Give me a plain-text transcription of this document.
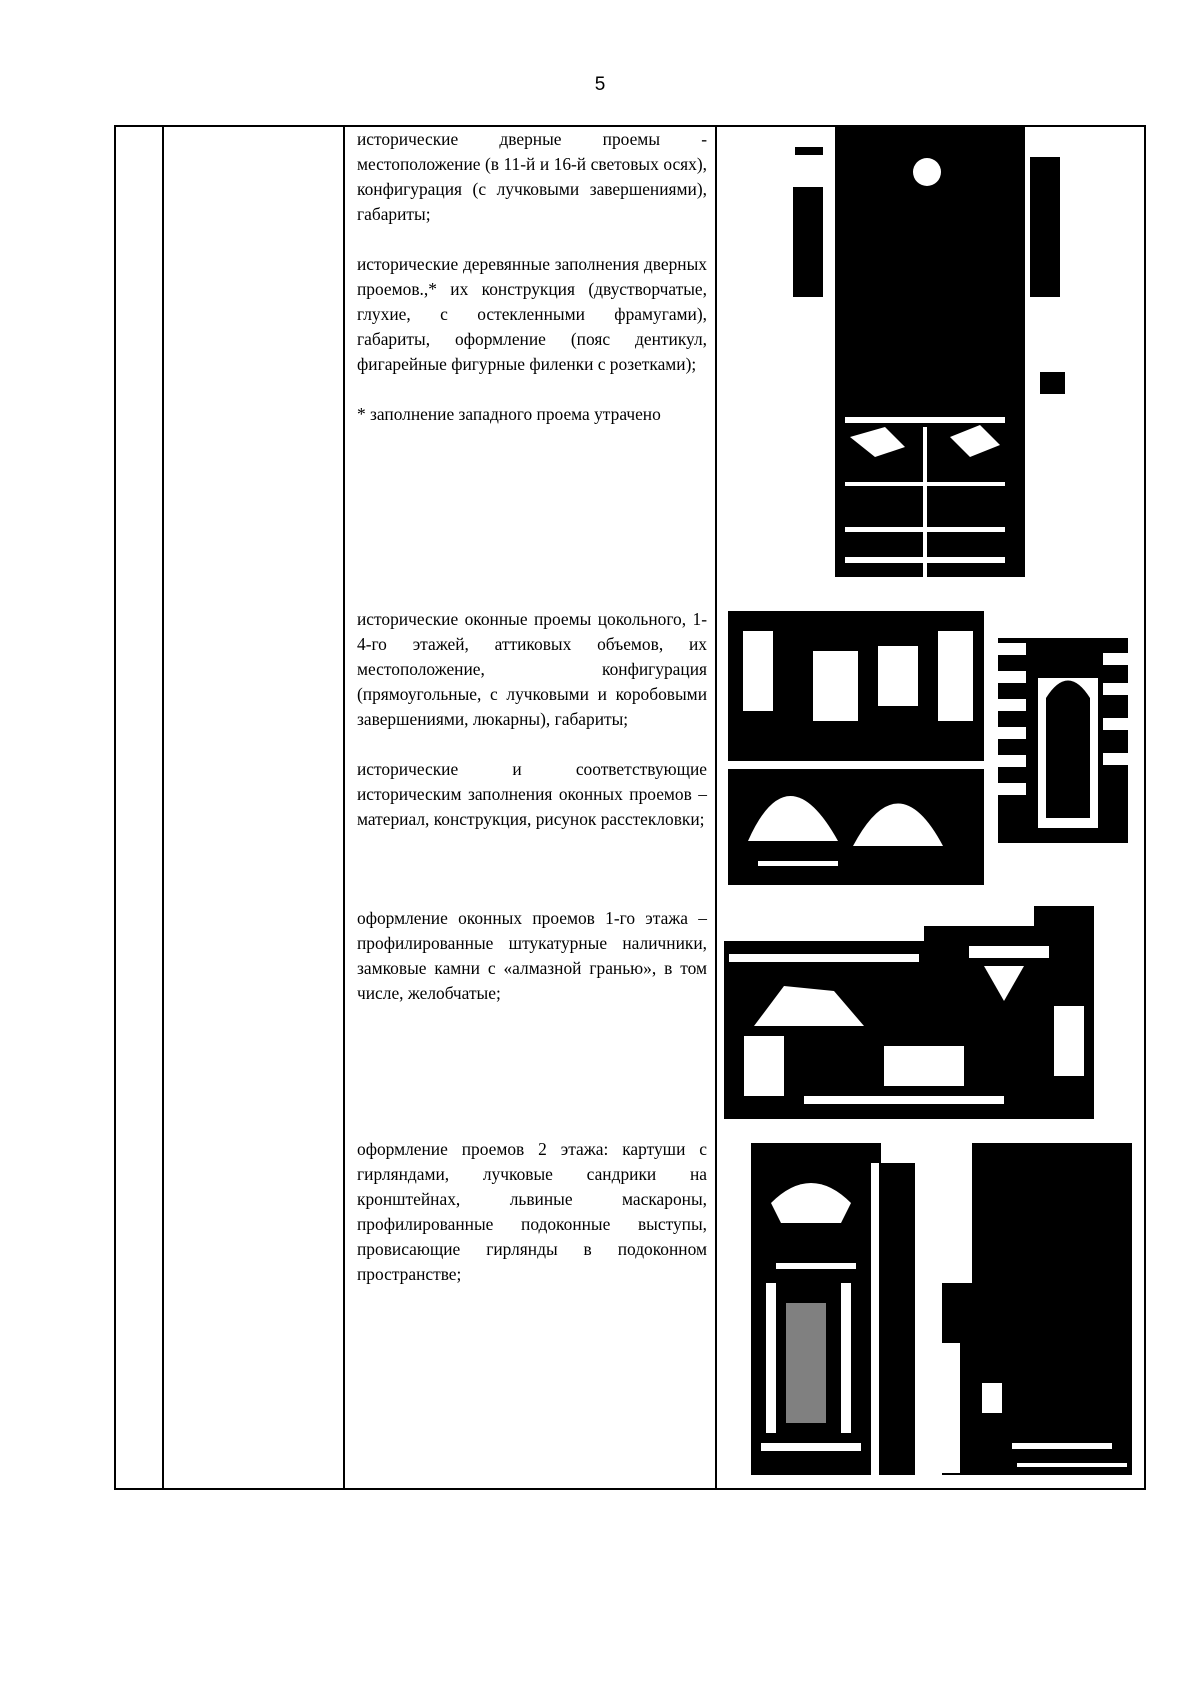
5

исторические дверные проемы - местоположение (в 11-й и 16-й световых осях), конфигурация (с лучковыми завершениями), габариты;

исторические деревянные заполнения дверных проемов.,* их конструкция (двустворчатые, глухие, с остекленными фрамугами), габариты, оформление (пояс дентикул, фигарейные фигурные филенки с розетками);

* заполнение западного проема утрачено

исторические оконные проемы цокольного, 1-4-го этажей, аттиковых объемов, их местоположение, конфигурация (прямоугольные, с лучковыми и коробовыми завершениями, люкарны), габариты;

исторические и соответствующие историческим заполнения оконных проемов – материал, конструкция, рисунок расстекловки;

оформление оконных проемов 1-го этажа – профилированные штукатурные наличники, замковые камни с «алмазной гранью», в том числе, желобчатые;

оформление проемов 2 этажа: картуши с гирляндами, лучковые сандрики на кронштейнах, львиные маскароны, профилированные подоконные выступы, провисающие гирлянды в подоконном пространстве;
